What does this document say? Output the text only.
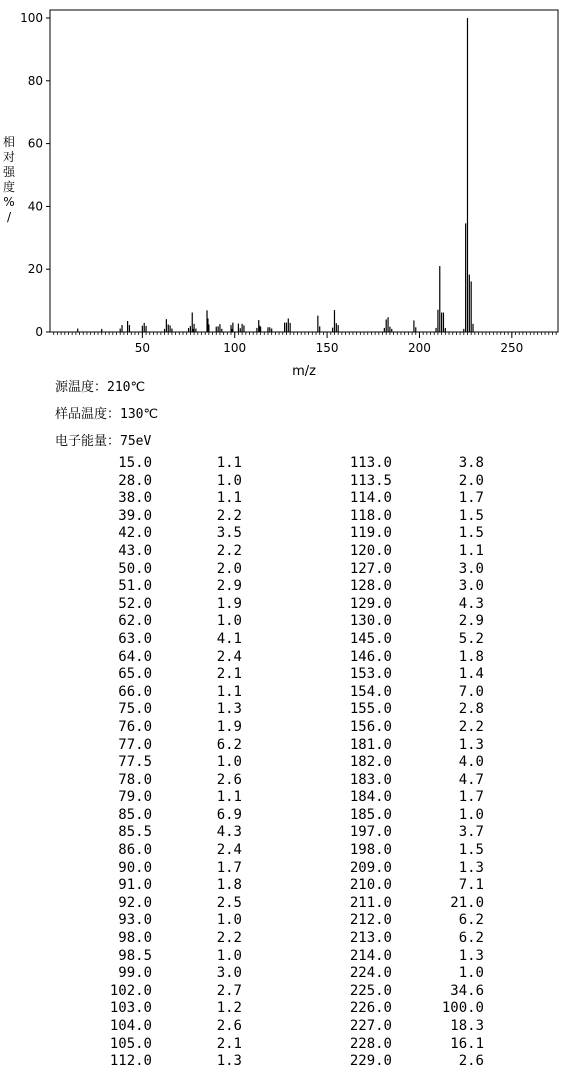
0
20
40
60
80
100
50	100	150	200	250
m/z
相对强度% /
源温度：210℃
样品温度：130℃
电子能量：75eV
15.0	1.1	113.0	3.8
28.0	1.0	113.5	2.0
38.0	1.1	114.0	1.7
39.0	2.2	118.0	1.5
42.0	3.5	119.0	1.5
43.0	2.2	120.0	1.1
50.0	2.0	127.0	3.0
51.0	2.9	128.0	3.0
52.0	1.9	129.0	4.3
62.0	1.0	130.0	2.9
63.0	4.1	145.0	5.2
64.0	2.4	146.0	1.8
65.0	2.1	153.0	1.4
66.0	1.1	154.0	7.0
75.0	1.3	155.0	2.8
76.0	1.9	156.0	2.2
77.0	6.2	181.0	1.3
77.5	1.0	182.0	4.0
78.0	2.6	183.0	4.7
79.0	1.1	184.0	1.7
85.0	6.9	185.0	1.0
85.5	4.3	197.0	3.7
86.0	2.4	198.0	1.5
90.0	1.7	209.0	1.3
91.0	1.8	210.0	7.1
92.0	2.5	211.0	21.0
93.0	1.0	212.0	6.2
98.0	2.2	213.0	6.2
98.5	1.0	214.0	1.3
99.0	3.0	224.0	1.0
102.0	2.7	225.0	34.6
103.0	1.2	226.0	100.0
104.0	2.6	227.0	18.3
105.0	2.1	228.0	16.1
112.0	1.3	229.0	2.6
